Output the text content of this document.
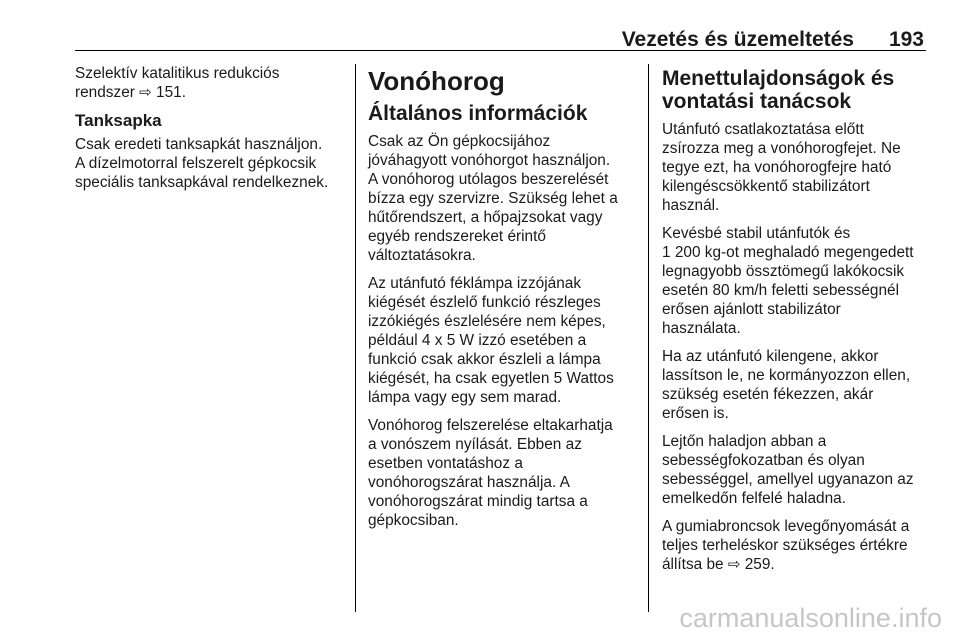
Vezetés és üzemeltetés 193

Szelektív katalitikus redukciós
rendszer ⇨ 151.

Tanksapka

Csak eredeti tanksapkát használjon.
A dízelmotorral felszerelt gépkocsik
speciális tanksapkával rendelkeznek.

Vonóhorog
Általános információk

Csak az Ön gépkocsijához
jóváhagyott vonóhorgot használjon.
A vonóhorog utólagos beszerelését
bízza egy szervizre. Szükség lehet a
hűtőrendszert, a hőpajzsokat vagy
egyéb rendszereket érintő
változtatásokra.

Az utánfutó féklámpa izzójának
kiégését észlelő funkció részleges
izzókiégés észlelésére nem képes,
például 4 x 5 W izzó esetében a
funkció csak akkor észleli a lámpa
kiégését, ha csak egyetlen 5 Wattos
lámpa vagy egy sem marad.

Vonóhorog felszerelése eltakarhatja
a vonószem nyílását. Ebben az
esetben vontatáshoz a
vonóhorogszárat használja. A
vonóhorogszárat mindig tartsa a
gépkocsiban.

Menettulajdonságok és
vontatási tanácsok

Utánfutó csatlakoztatása előtt
zsírozza meg a vonóhorogfejet. Ne
tegye ezt, ha vonóhorogfejre ható
kilengéscsökkentő stabilizátort
használ.

Kevésbé stabil utánfutók és
1 200 kg-ot meghaladó megengedett
legnagyobb össztömegű lakókocsik
esetén 80 km/h feletti sebességnél
erősen ajánlott stabilizátor
használata.

Ha az utánfutó kilengene, akkor
lassítson le, ne kormányozzon ellen,
szükség esetén fékezzen, akár
erősen is.

Lejtőn haladjon abban a
sebességfokozatban és olyan
sebességgel, amellyel ugyanazon az
emelkedőn felfelé haladna.

A gumiabroncsok levegőnyomását a
teljes terheléskor szükséges értékre
állítsa be ⇨ 259.

carmanualsonline.info
